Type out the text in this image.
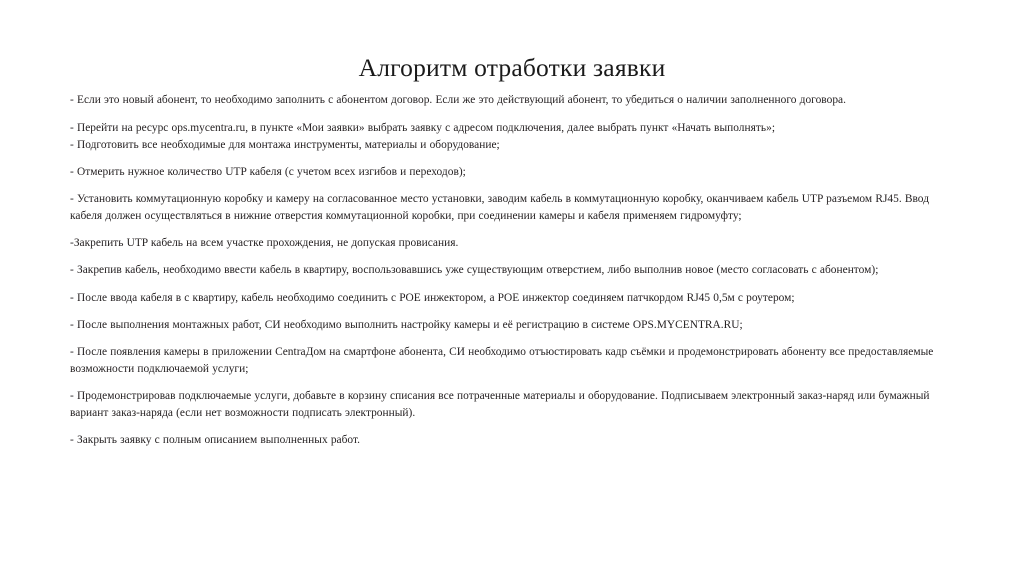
Алгоритм отработки заявки

- Если это новый абонент, то необходимо заполнить с абонентом договор. Если же это действующий абонент, то убедиться о наличии заполненного договора.

- Перейти на ресурс ops.mycentra.ru, в пункте «Мои заявки» выбрать заявку с адресом подключения, далее выбрать пункт «Начать выполнять»;

- Подготовить все необходимые для монтажа инструменты, материалы и оборудование;

- Отмерить нужное количество UTP кабеля (с учетом всех изгибов и переходов);

- Установить коммутационную коробку и камеру на согласованное место установки, заводим кабель в коммутационную коробку, оканчиваем кабель UTP разъемом RJ45. Ввод кабеля должен осуществляться в нижние отверстия коммутационной коробки, при соединении камеры и кабеля применяем гидромуфту;

-Закрепить UTP кабель на всем участке прохождения, не допуская провисания.

- Закрепив кабель, необходимо ввести кабель в квартиру, воспользовавшись уже существующим отверстием, либо выполнив новое (место согласовать с абонентом);

- После ввода кабеля в с квартиру, кабель необходимо соединить с POE инжектором, а POE инжектор соединяем патчкордом RJ45 0,5м с роутером;

- После выполнения монтажных работ, СИ необходимо выполнить настройку камеры и её регистрацию в системе OPS.MYCENTRA.RU;

- После появления камеры в приложении CentraДом на смартфоне абонента, СИ необходимо отъюстировать кадр съёмки и продемонстрировать абоненту все предоставляемые возможности подключаемой услуги;

- Продемонстрировав подключаемые услуги, добавьте в корзину списания все потраченные материалы и оборудование. Подписываем электронный заказ-наряд или бумажный вариант заказ-наряда (если нет возможности подписать электронный).

- Закрыть заявку с полным описанием выполненных работ.
